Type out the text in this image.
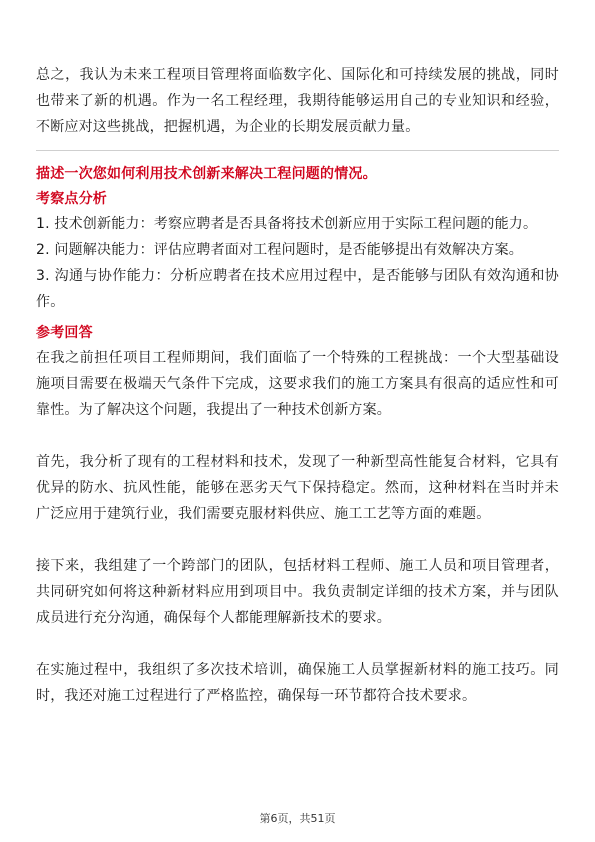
总之，我认为未来工程项目管理将面临数字化、国际化和可持续发展的挑战，同时也带来了新的机遇。作为一名工程经理，我期待能够运用自己的专业知识和经验，不断应对这些挑战，把握机遇，为企业的长期发展贡献力量。

描述一次您如何利用技术创新来解决工程问题的情况。

考察点分析

1. 技术创新能力：考察应聘者是否具备将技术创新应用于实际工程问题的能力。

2. 问题解决能力：评估应聘者面对工程问题时，是否能够提出有效解决方案。

3. 沟通与协作能力：分析应聘者在技术应用过程中，是否能够与团队有效沟通和协作。

参考回答

在我之前担任项目工程师期间，我们面临了一个特殊的工程挑战：一个大型基础设施项目需要在极端天气条件下完成，这要求我们的施工方案具有很高的适应性和可靠性。为了解决这个问题，我提出了一种技术创新方案。

首先，我分析了现有的工程材料和技术，发现了一种新型高性能复合材料，它具有优异的防水、抗风性能，能够在恶劣天气下保持稳定。然而，这种材料在当时并未广泛应用于建筑行业，我们需要克服材料供应、施工工艺等方面的难题。

接下来，我组建了一个跨部门的团队，包括材料工程师、施工人员和项目管理者，共同研究如何将这种新材料应用到项目中。我负责制定详细的技术方案，并与团队成员进行充分沟通，确保每个人都能理解新技术的要求。

在实施过程中，我组织了多次技术培训，确保施工人员掌握新材料的施工技巧。同时，我还对施工过程进行了严格监控，确保每一环节都符合技术要求。

第6页，共51页
